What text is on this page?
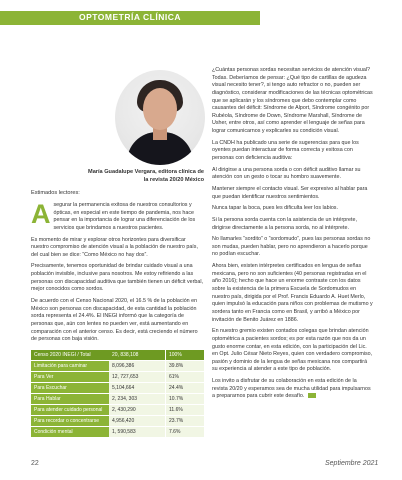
OPTOMETRÍA CLÍNICA
María Guadalupe Vergara, editora clínica de
la revista 20/20 México
Estimados lectores:

Asegurar la permanencia exitosa de nuestros consultorios y ópticas, en especial en este tiempo de pandemia, nos hace pensar en la importancia de lograr una diferenciación de los servicios que brindamos a nuestros pacientes.

Es momento de mirar y explorar otros horizontes para diversificar nuestro compromiso de atención visual a la población de nuestro país, del cual bien se dice: “Como México no hay dos”.

Precisamente, tenemos oportunidad de brindar cuidado visual a una población invisible, inclusive para nosotros. Me estoy refiriendo a las personas con discapacidad auditiva que también tienen un déficit verbal, mejor conocidos como sordos.

De acuerdo con el Censo Nacional 2020, el 16.5 % de la población en México son personas con discapacidad, de esta cantidad la población sorda representa el 24.4%. El INEGI informó que la categoría de personas que, aún con lentes no pueden ver, está aumentando en comparación con el anterior censo. Es decir, está creciendo el número de personas con baja visión.

Censo 2020 INEGI / Total	20, 838,108	100%
Limitación para caminar	8,096,386	39.8%
Para Ver	12, 727,653	61%
Para Escuchar	5,104,664	24.4%
Para Hablar	2, 234, 303	10.7%
Para atender cuidado personal	2, 430,290	11.6%
Para recordar o concentrarse	4,956,420	23.7%
Condición mental	1, 590,583	7.6%

¿Cuántas personas sordas necesitan servicios de atención visual? Todas. Deberíamos de pensar: ¿Qué tipo de cartillas de agudeza visual necesito tener?, si tengo auto refractor o no, pueden ser diagnóstico, considerar modificaciones de las técnicas optométricas que se aplicarán y los síndromes que debo contemplar como causantes del déficit: Síndrome de Alport, Síndrome congénito por Rubéola, Síndrome de Down, Síndrome Marshall, Síndrome de Usher, entre otros, así como aprender el lenguaje de señas para lograr comunicarnos y explicarles su condición visual.

La CNDH ha publicado una serie de sugerencias para que los oyentes puedan interactuar de forma correcta y exitosa con personas con deficiencia auditiva:

Al dirigirse a una persona sorda o con déficit auditivo llamar su atención con un gesto o tocar su hombro suavemente.

Mantener siempre el contacto visual. Ser expresivo al hablar para que puedan identificar nuestros sentimientos.

Nunca tapar la boca, pues les dificulta leer los labios.

Si la persona sorda cuenta con la asistencia de un intérprete, dirigirse directamente a la persona sorda, no al intérprete.

No llamarles “sordito” o “sordomudo”, pues las personas sordas no son mudas, pueden hablar, pero no aprendieron a hacerlo porque no podían escuchar.

Ahora bien, existen intérpretes certificados en lengua de señas mexicana, pero no son suficientes (40 personas registradas en el año 2016); hecho que hace un enorme contraste con los datos sobre la existencia de la primera Escuela de Sordomudos en nuestro país, dirigida por el Prof. Francis Eduardo A. Huet Merlo, quien impulsó la educación para niños con problemas de mutismo y sordera tanto en Francia como en Brasil, y arribó a México por invitación de Benito Juárez en 1886.

En nuestro gremio existen contados colegas que brindan atención optométrica a pacientes sordos; es por esta razón que nos da un gusto enorme contar, en esta edición, con la participación del Lic. en Opt. Julio César Nieto Reyes, quien con verdadero compromiso, pasión y dominio de la lengua de señas mexicana nos compartirá su experiencia al atender a este tipo de población.

Los invito a disfrutar de su colaboración en esta edición de la revista 20/20 y esperamos sea de mucha utilidad para impulsarnos a prepararnos para cubrir este desafío.

22	Septiembre 2021
